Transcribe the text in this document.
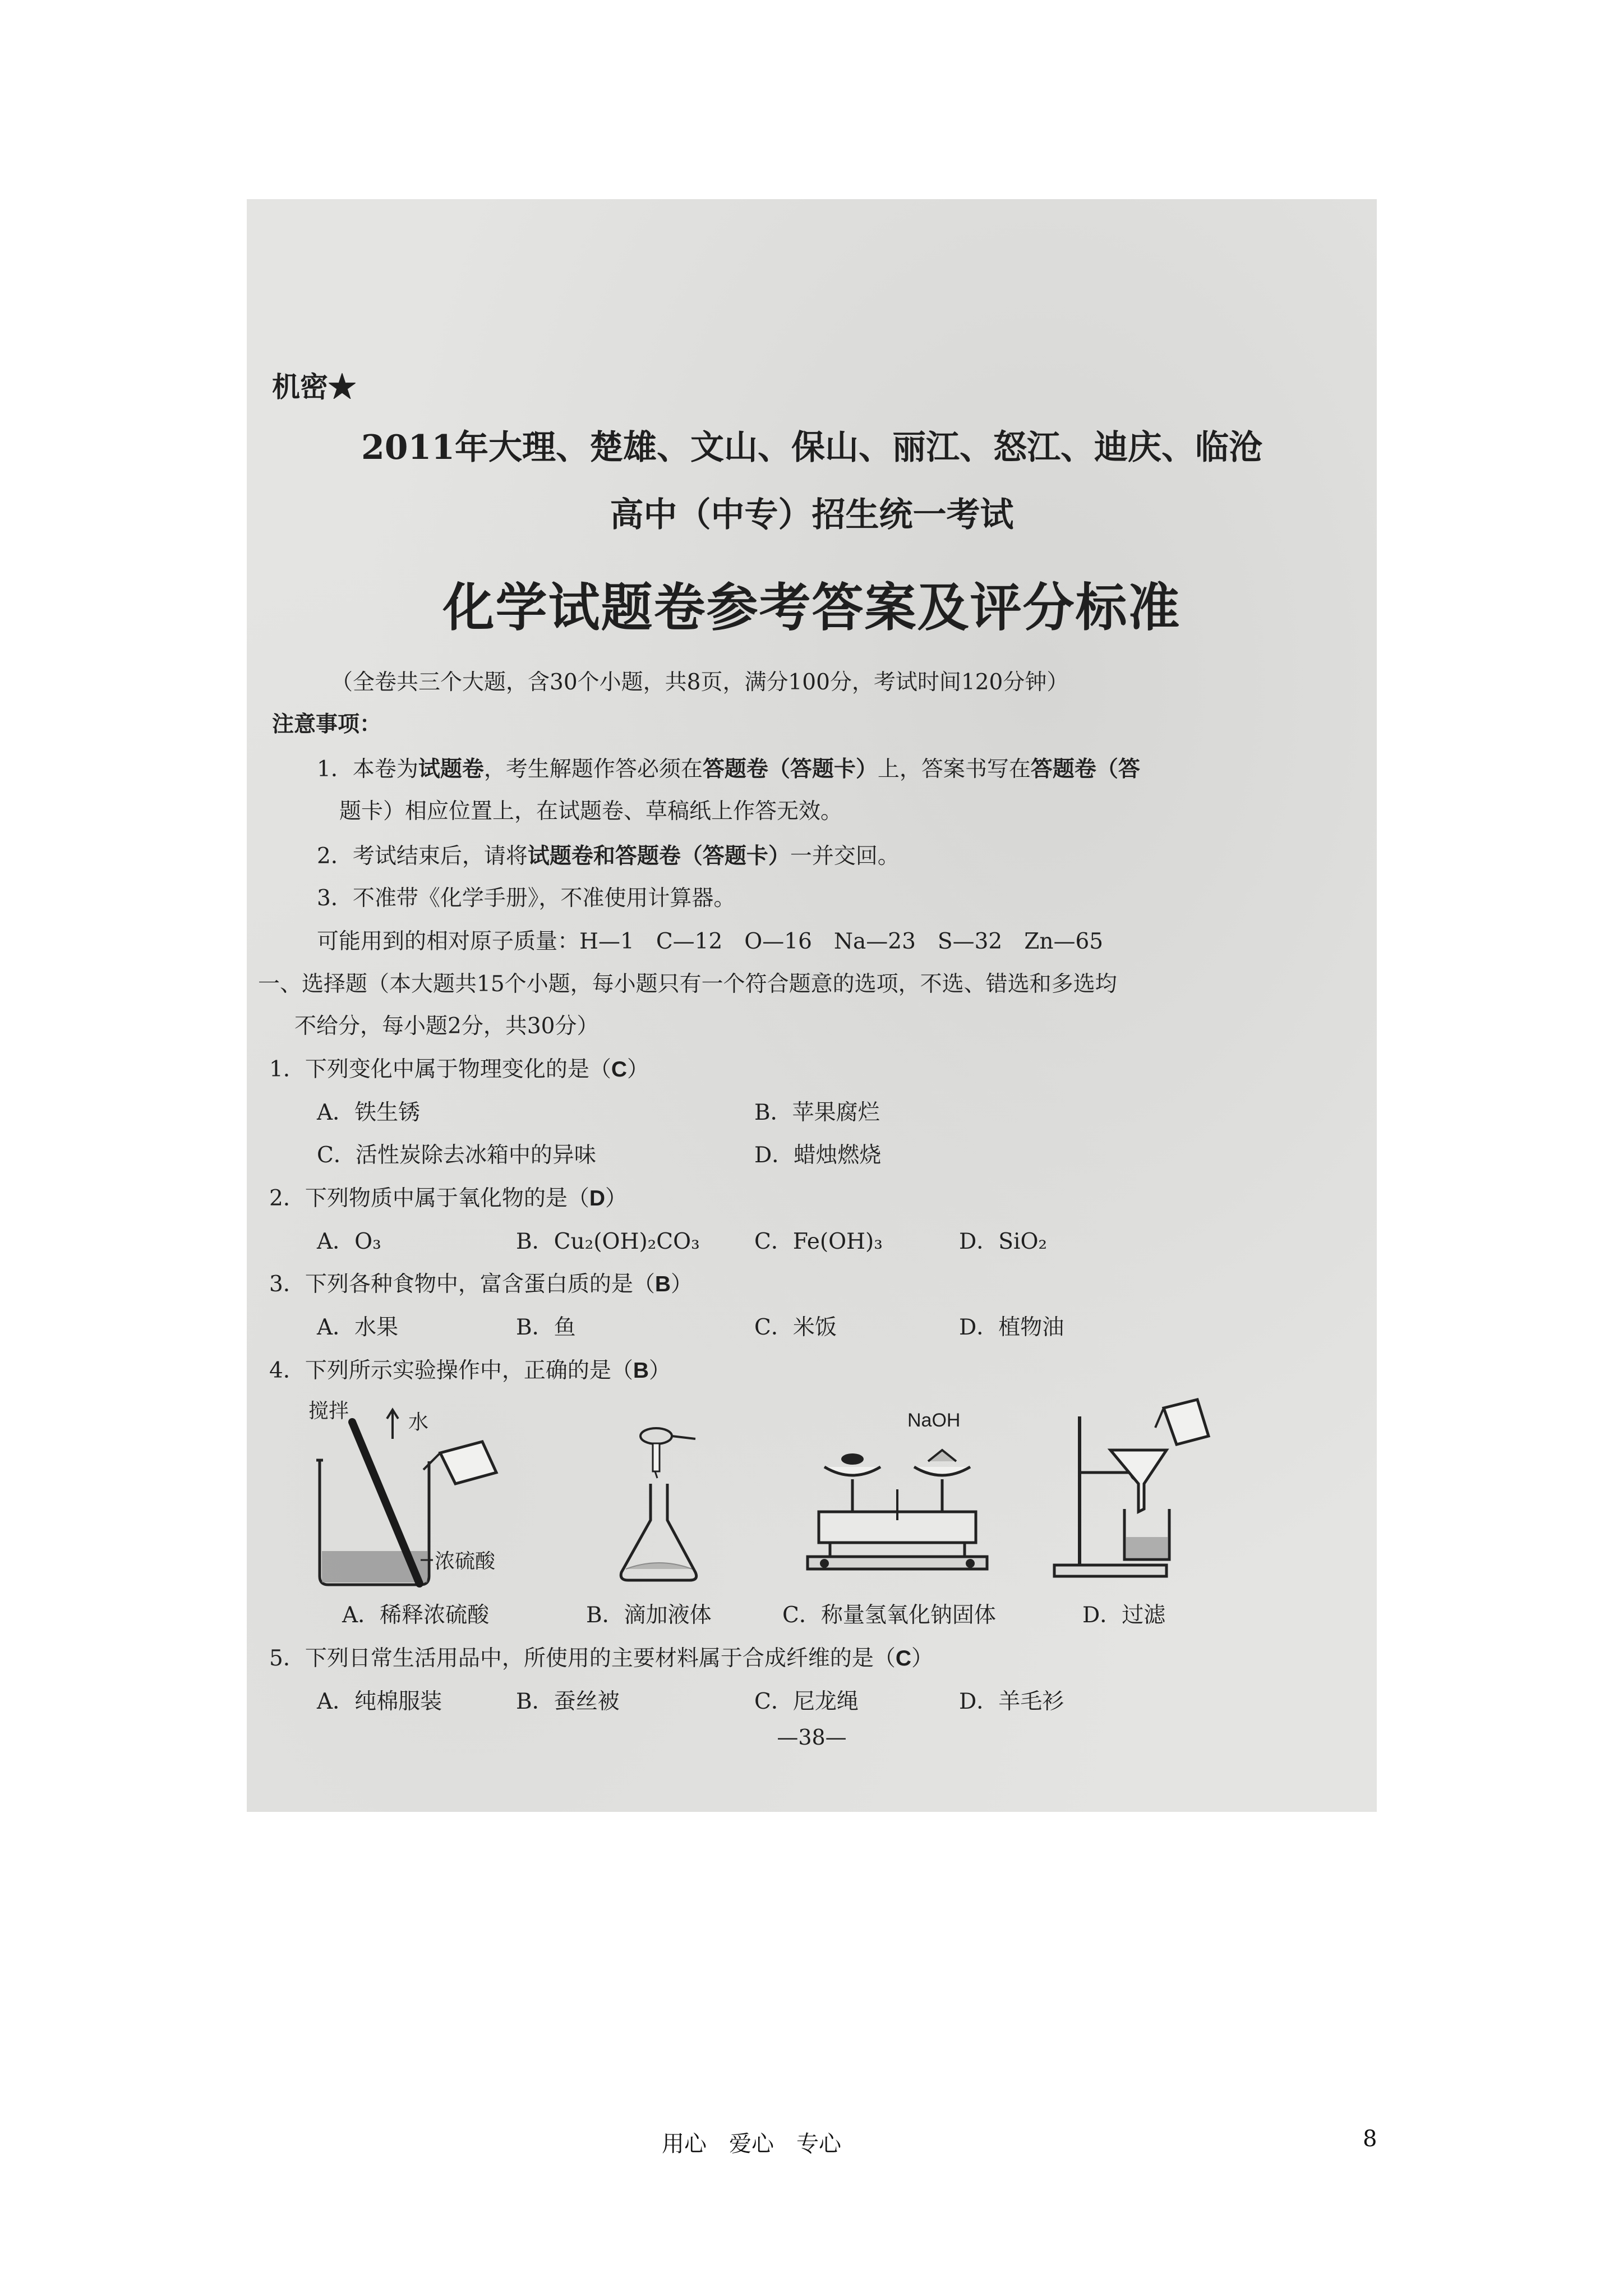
机密★
2011年大理、楚雄、文山、保山、丽江、怒江、迪庆、临沧
高中（中专）招生统一考试
化学试题卷参考答案及评分标准
（全卷共三个大题，含30个小题，共8页，满分100分，考试时间120分钟）
注意事项：
1．本卷为试题卷，考生解题作答必须在答题卷（答题卡）上，答案书写在答题卷（答
题卡）相应位置上，在试题卷、草稿纸上作答无效。
2．考试结束后，请将试题卷和答题卷（答题卡）一并交回。
3．不准带《化学手册》，不准使用计算器。
可能用到的相对原子质量：H—1　C—12　O—16　Na—23　S—32　Zn—65
一、选择题（本大题共15个小题，每小题只有一个符合题意的选项，不选、错选和多选均
不给分，每小题2分，共30分）
1．下列变化中属于物理变化的是（C）
A．铁生锈	B．苹果腐烂
C．活性炭除去冰箱中的异味	D．蜡烛燃烧
2．下列物质中属于氧化物的是（D）
A．O₃	B．Cu₂(OH)₂CO₃ C．Fe(OH)₃	D．SiO₂
3．下列各种食物中，富含蛋白质的是（B）
A．水果	B．鱼	C．米饭	D．植物油
4．下列所示实验操作中，正确的是（B）
搅拌	水
浓硫酸
NaOH
A．稀释浓硫酸	B．滴加液体	C．称量氢氧化钠固体	D．过滤
5．下列日常生活用品中，所使用的主要材料属于合成纤维的是（C）
A．纯棉服装	B．蚕丝被	C．尼龙绳	D．羊毛衫
—38—
用心　爱心　专心	8
